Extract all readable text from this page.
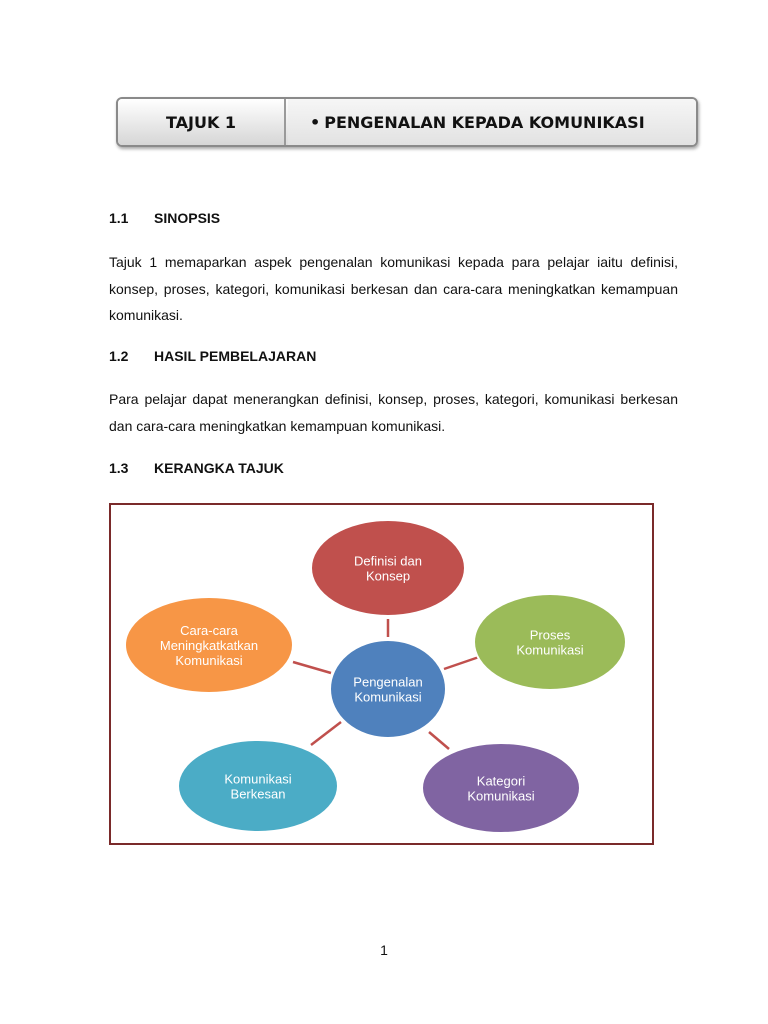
TAJUK 1	• PENGENALAN KEPADA KOMUNIKASI
1.1 SINOPSIS

Tajuk 1 memaparkan aspek pengenalan komunikasi kepada para pelajar iaitu definisi, konsep, proses, kategori, komunikasi berkesan dan cara-cara meningkatkan kemampuan komunikasi.

1.2 HASIL PEMBELAJARAN

Para pelajar dapat menerangkan definisi, konsep, proses, kategori, komunikasi berkesan dan cara-cara meningkatkan kemampuan komunikasi.

1.3 KERANGKA TAJUK
Definisi dan
Konsep
Proses
Komunikasi
Kategori
Komunikasi
Komunikasi
Berkesan
Cara-cara
Meningkatkatkan
Komunikasi
Pengenalan
Komunikasi
1
